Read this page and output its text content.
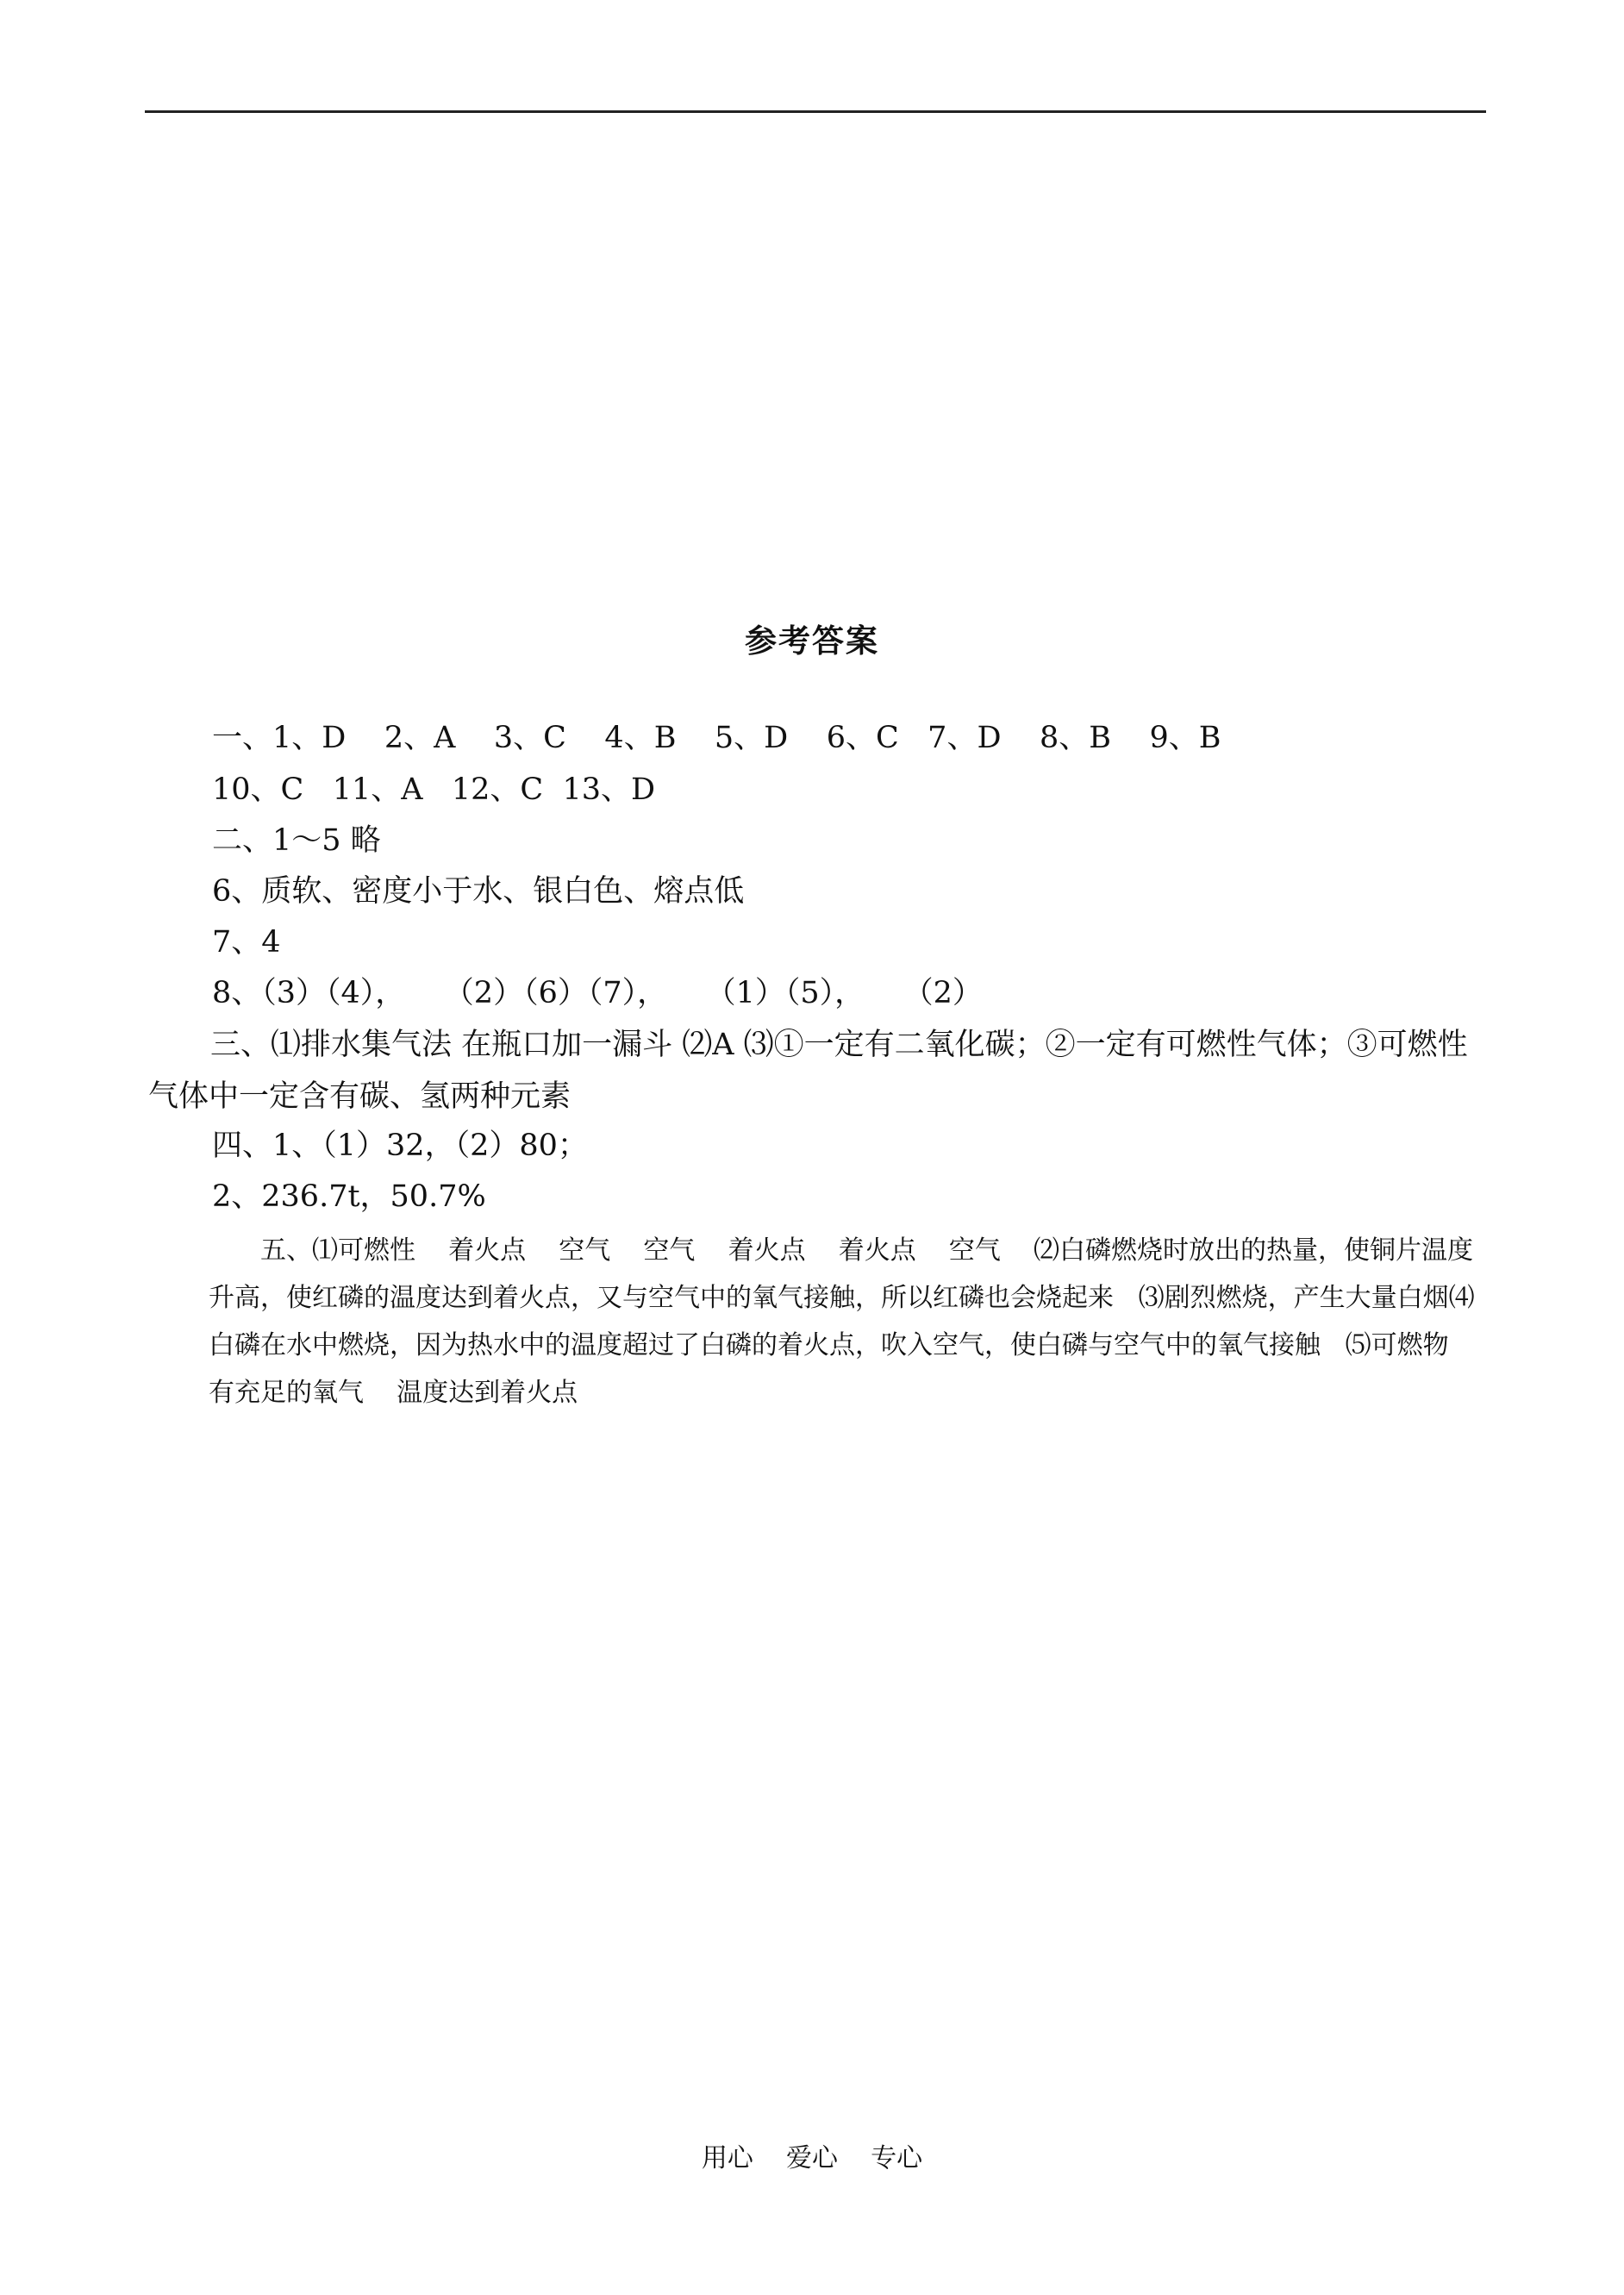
参考答案
一、1、D    2、A    3、C    4、B    5、D    6、C   7、D    8、B    9、B
10、C   11、A   12、C  13、D
二、1～5 略
6、质软、密度小于水、银白色、熔点低
7、4
8、（3）（4），    （2）（6）（7），    （1）（5），    （2）
三、⑴排水集气法 在瓶口加一漏斗 ⑵A ⑶①一定有二氧化碳；②一定有可燃性气体；③可燃性气体中一定含有碳、氢两种元素
四、1、（1）32，（2）80；
2、236.7t，50.7%
五、⑴可燃性    着火点    空气    空气    着火点    着火点    空气    ⑵白磷燃烧时放出的热量，使铜片温度升高，使红磷的温度达到着火点，又与空气中的氧气接触，所以红磷也会烧起来   ⑶剧烈燃烧，产生大量白烟⑷白磷在水中燃烧，因为热水中的温度超过了白磷的着火点，吹入空气，使白磷与空气中的氧气接触   ⑸可燃物    有充足的氧气    温度达到着火点
用心    爱心    专心
